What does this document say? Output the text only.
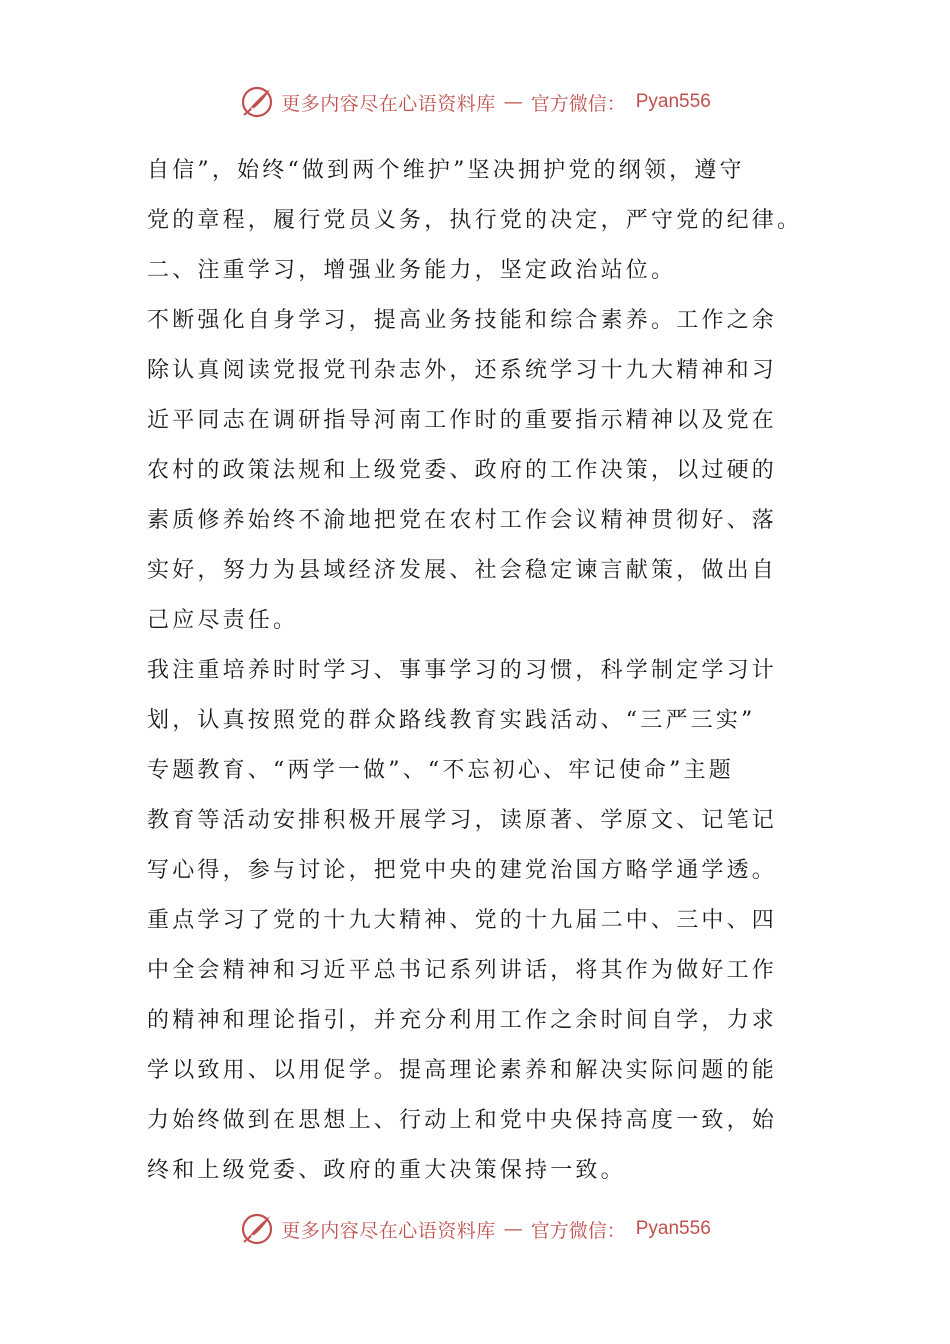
更多内容尽在心语资料库 — 官方微信： Pyan556
自信”，始终“做到两个维护”坚决拥护党的纲领，遵守
党的章程，履行党员义务，执行党的决定，严守党的纪律。
二、注重学习，增强业务能力，坚定政治站位。
不断强化自身学习，提高业务技能和综合素养。工作之余
除认真阅读党报党刊杂志外，还系统学习十九大精神和习
近平同志在调研指导河南工作时的重要指示精神以及党在
农村的政策法规和上级党委、政府的工作决策，以过硬的
素质修养始终不渝地把党在农村工作会议精神贯彻好、落
实好，努力为县域经济发展、社会稳定谏言献策，做出自
己应尽责任。
我注重培养时时学习、事事学习的习惯，科学制定学习计
划，认真按照党的群众路线教育实践活动、“三严三实”
专题教育、“两学一做”、“不忘初心、牢记使命”主题
教育等活动安排积极开展学习，读原著、学原文、记笔记
写心得，参与讨论，把党中央的建党治国方略学通学透。
重点学习了党的十九大精神、党的十九届二中、三中、四
中全会精神和习近平总书记系列讲话，将其作为做好工作
的精神和理论指引，并充分利用工作之余时间自学，力求
学以致用、以用促学。提高理论素养和解决实际问题的能
力始终做到在思想上、行动上和党中央保持高度一致，始
终和上级党委、政府的重大决策保持一致。
更多内容尽在心语资料库 — 官方微信： Pyan556
